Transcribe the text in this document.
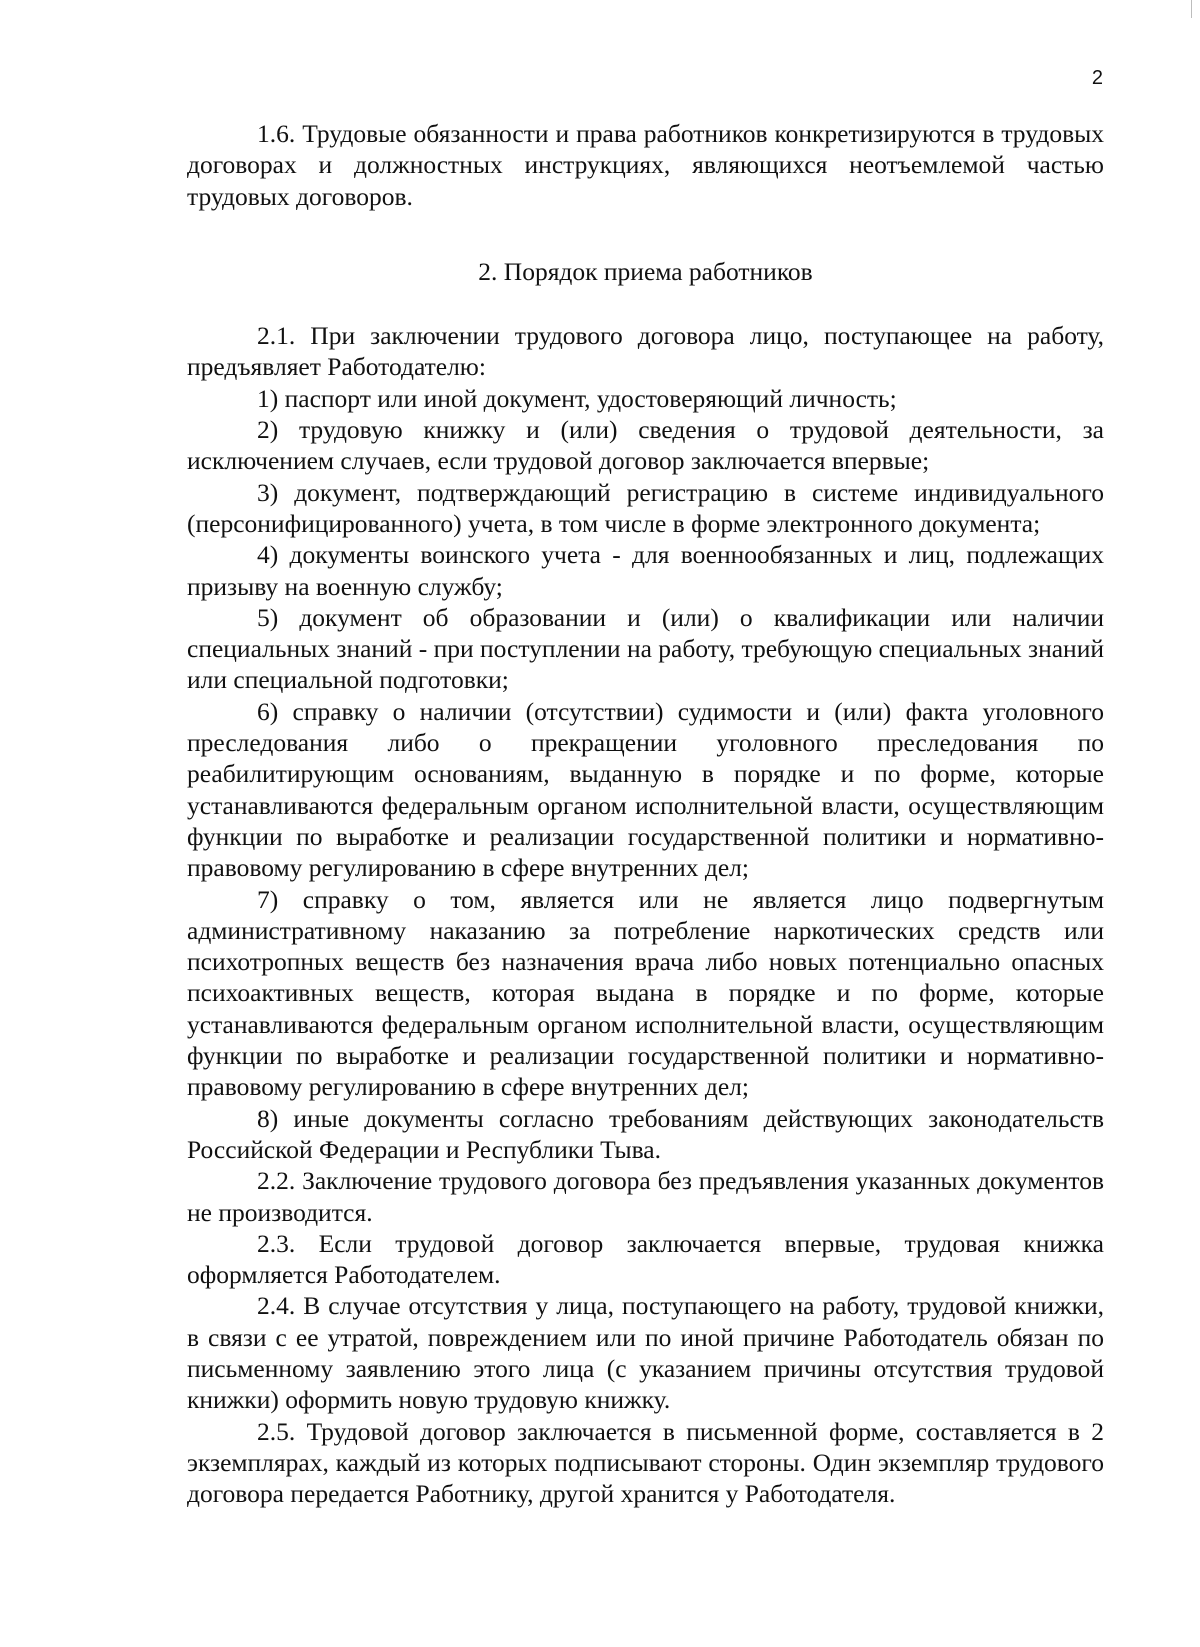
2

1.6. Трудовые обязанности и права работников конкретизируются в трудовых договорах и должностных инструкциях, являющихся неотъемлемой частью трудовых договоров.

2. Порядок приема работников

2.1. При заключении трудового договора лицо, поступающее на работу, предъявляет Работодателю:

1) паспорт или иной документ, удостоверяющий личность;

2) трудовую книжку и (или) сведения о трудовой деятельности, за исключением случаев, если трудовой договор заключается впервые;

3) документ, подтверждающий регистрацию в системе индивидуального (персонифицированного) учета, в том числе в форме электронного документа;

4) документы воинского учета - для военнообязанных и лиц, подлежащих призыву на военную службу;

5) документ об образовании и (или) о квалификации или наличии специальных знаний - при поступлении на работу, требующую специальных знаний или специальной подготовки;

6) справку о наличии (отсутствии) судимости и (или) факта уголовного преследования либо о прекращении уголовного преследования по реабилитирующим основаниям, выданную в порядке и по форме, которые устанавливаются федеральным органом исполнительной власти, осуществляющим функции по выработке и реализации государственной политики и нормативно-правовому регулированию в сфере внутренних дел;

7) справку о том, является или не является лицо подвергнутым административному наказанию за потребление наркотических средств или психотропных веществ без назначения врача либо новых потенциально опасных психоактивных веществ, которая выдана в порядке и по форме, которые устанавливаются федеральным органом исполнительной власти, осуществляющим функции по выработке и реализации государственной политики и нормативно-правовому регулированию в сфере внутренних дел;

8) иные документы согласно требованиям действующих законодательств Российской Федерации и Республики Тыва.

2.2. Заключение трудового договора без предъявления указанных документов не производится.

2.3. Если трудовой договор заключается впервые, трудовая книжка оформляется Работодателем.

2.4. В случае отсутствия у лица, поступающего на работу, трудовой книжки, в связи с ее утратой, повреждением или по иной причине Работодатель обязан по письменному заявлению этого лица (с указанием причины отсутствия трудовой книжки) оформить новую трудовую книжку.

2.5. Трудовой договор заключается в письменной форме, составляется в 2 экземплярах, каждый из которых подписывают стороны. Один экземпляр трудового договора передается Работнику, другой хранится у Работодателя.
